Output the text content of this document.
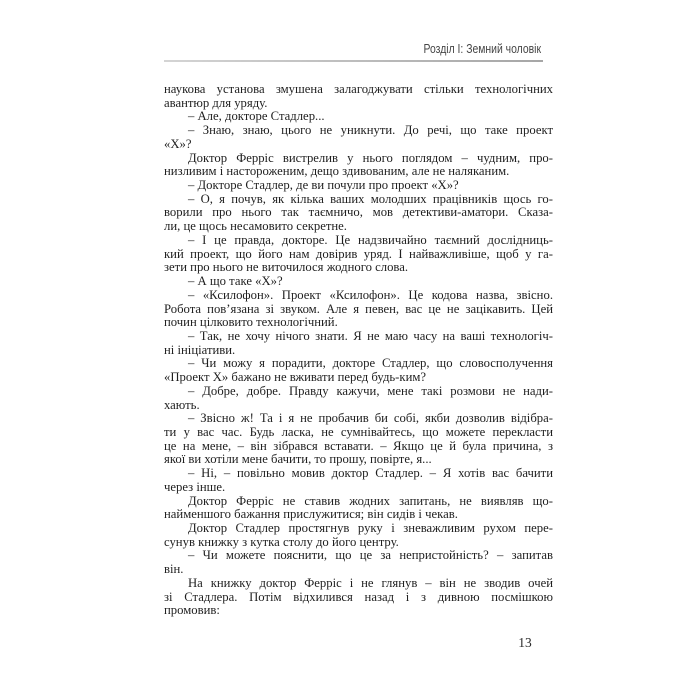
Розділ І: Земний чоловік
наукова установа змушена залагоджувати стільки технологічних
авантюр для уряду.
– Але, докторе Стадлер...
– Знаю, знаю, цього не уникнути. До речі, що таке проект
«Х»?
Доктор Ферріс вистрелив у нього поглядом – чудним, про-
низливим і настороженим, дещо здивованим, але не наляканим.
– Докторе Стадлер, де ви почули про проект «Х»?
– О, я почув, як кілька ваших молодших працівників щось го-
ворили про нього так таємничо, мов детективи-аматори. Сказа-
ли, це щось несамовито секретне.
– І це правда, докторе. Це надзвичайно таємний дослідниць-
кий проект, що його нам довірив уряд. І найважливіше, щоб у га-
зети про нього не виточилося жодного слова.
– А що таке «Х»?
– «Ксилофон». Проект «Ксилофон». Це кодова назва, звісно.
Робота пов’язана зі звуком. Але я певен, вас це не зацікавить. Цей
почин цілковито технологічний.
– Так, не хочу нічого знати. Я не маю часу на ваші технологіч-
ні ініціативи.
– Чи можу я порадити, докторе Стадлер, що словосполучення
«Проект Х» бажано не вживати перед будь-ким?
– Добре, добре. Правду кажучи, мене такі розмови не нади-
хають.
– Звісно ж! Та і я не пробачив би собі, якби дозволив відібра-
ти у вас час. Будь ласка, не сумнівайтесь, що можете перекласти
це на мене, – він зібрався вставати. – Якщо це й була причина, з
якої ви хотіли мене бачити, то прошу, повірте, я...
– Ні, – повільно мовив доктор Стадлер. – Я хотів вас бачити
через інше.
Доктор Ферріс не ставив жодних запитань, не виявляв що-
найменшого бажання прислужитися; він сидів і чекав.
Доктор Стадлер простягнув руку і зневажливим рухом пере-
сунув книжку з кутка столу до його центру.
– Чи можете пояснити, що це за непристойність? – запитав
він.
На книжку доктор Ферріс і не глянув – він не зводив очей
зі Стадлера. Потім відхилився назад і з дивною посмішкою
промовив:
13
